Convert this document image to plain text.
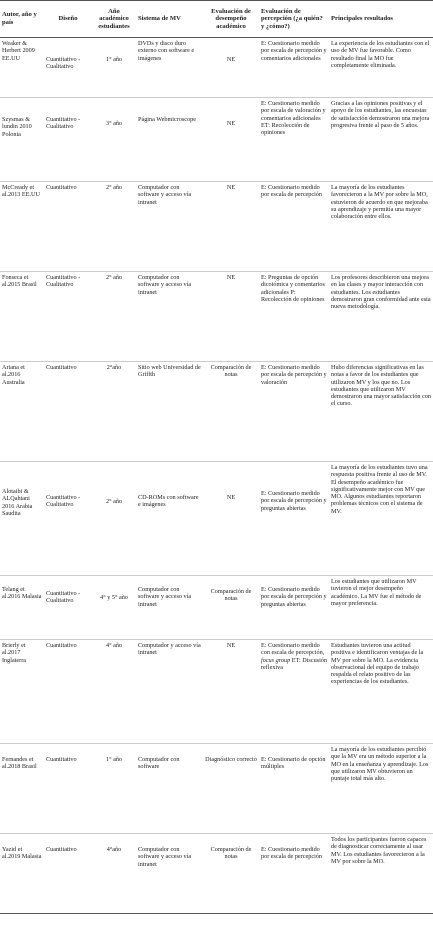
Autor, año y país	Diseño	Año académico estudiantes	Sistema de MV	Evaluación de desempeño académico	Evaluación de percepción (¿a quién? y ¿cómo?)	Principales resultados
Weaker & Herbert 2009 EE.UU	Cuantitativo -Cualitativo	1° año	DVDs y disco duro externo con software e imágenes	NE	E: Cuestionario medido por escala de percepción y comentarios adicionales	La experiencia de los estudiantes con el uso de MV fue favorable. Como resultado final la MO fue completamente eliminada.
Szysmas & lundin 2010 Polonia	Cuantitativo -Cualitativo	3° año	Página Webmicroscope	NE	E: Cuestionario medido por escala de valoración y comentarios adicionales ET: Recolección de opiniones	Gracias a las opiniones positivas y el apoyo de los estudiantes, las encuestas de satisfacción demostraron una mejora progresiva frente al paso de 5 años.
McCready et al.2013 EE.UU	Cuantitativo	2° año	Computador con software y acceso vía intranet	NE	E: Cuestionario medido por escala de percepción	La mayoría de los estudiantes favorecieron a la MV por sobre la MO, estuvieron de acuerdo en que mejoraba su aprendizaje y permitía una mayor colaboración entre ellos.
Fonseca et al.2015 Brasil	Cuantitativo -Cualitativo	2° año	Computador con software y acceso vía intranet	NE	E: Preguntas de opción dicotómica y comentarios adicionales P: Recolección de opiniones	Los profesores describieron una mejora en las clases y mayor interacción con estudiantes. Los estudiantes demostraron gran conformidad ante esta nueva metodología.
Ariana et al.2016 Australia	Cuantitativo	2°año	Sitio web Universidad de Griffth	Comparación de notas	E: Cuestionario medido por escala de percepción y valoración	Hubo diferencias significativas en las notas a favor de los estudiantes que utilizaron MV y los que no. Los estudiantes que utilizaron MV demostraron una mayor satisfacción con el curso.
Alotaibi & ALQahtani 2016 Arabia Saudita	Cuantitativo -Cualitativo	2° año	CD-ROMs con software e imágenes	NE	E: Cuestionario medido por escala de percepción y preguntas abiertas	La mayoría de los estudiantes tuvo una respuesta positiva frente al uso de MV. El desempeño académico fue significativamente mejor con MV que MO. Algunos estudiantes reportaron problemas técnicos con el sistema de MV.
Telang et al.2016 Malasia	Cuantitativo -Cualitativo	4° y 5° año	Computador con software y acceso vía intranet	Comparación de notas	E: Cuestionario medido por escala de percepción y preguntas abiertas	Los estudiantes que utilizaron MV tuvieron el mejor desempeño académico. La MV fue el método de mayor preferencia.
Brierly et al.2017 Inglaterra	Cuantitativo	4° año	Computador y acceso vía intranet	NE	E: Cuestionario medido con escala de percepción, focus group ET: Discusión reflexiva	Estudiantes tuvieron una actitud positiva e identificaron ventajas de la MV por sobre la MO. La evidencia observacional del equipo de trabajo respalda el relato positivo de las experiencias de los estudiantes.
Fernandes et al.2018 Brasil	Cuantitativo	1° año	Computador con software	Diagnóstico correcto	E: Cuestionario de opción múltiples	La mayoría de los estudiantes percibió que la MV era un método superior a la MO en la enseñanza y aprendizaje. Los que utilizaron MV obtuvieron un puntaje total más alto.
Yazid et al.2019 Malasia	Cuantitativo	4°año	Computador con software y acceso vía intranet	Comparación de notas	E: Cuestionario medido por escala de percepción	Todos los participantes fueron capaces de diagnosticar correctamente al usar MV. Los estudiantes favorecieron a la MV por sobre la MO.
